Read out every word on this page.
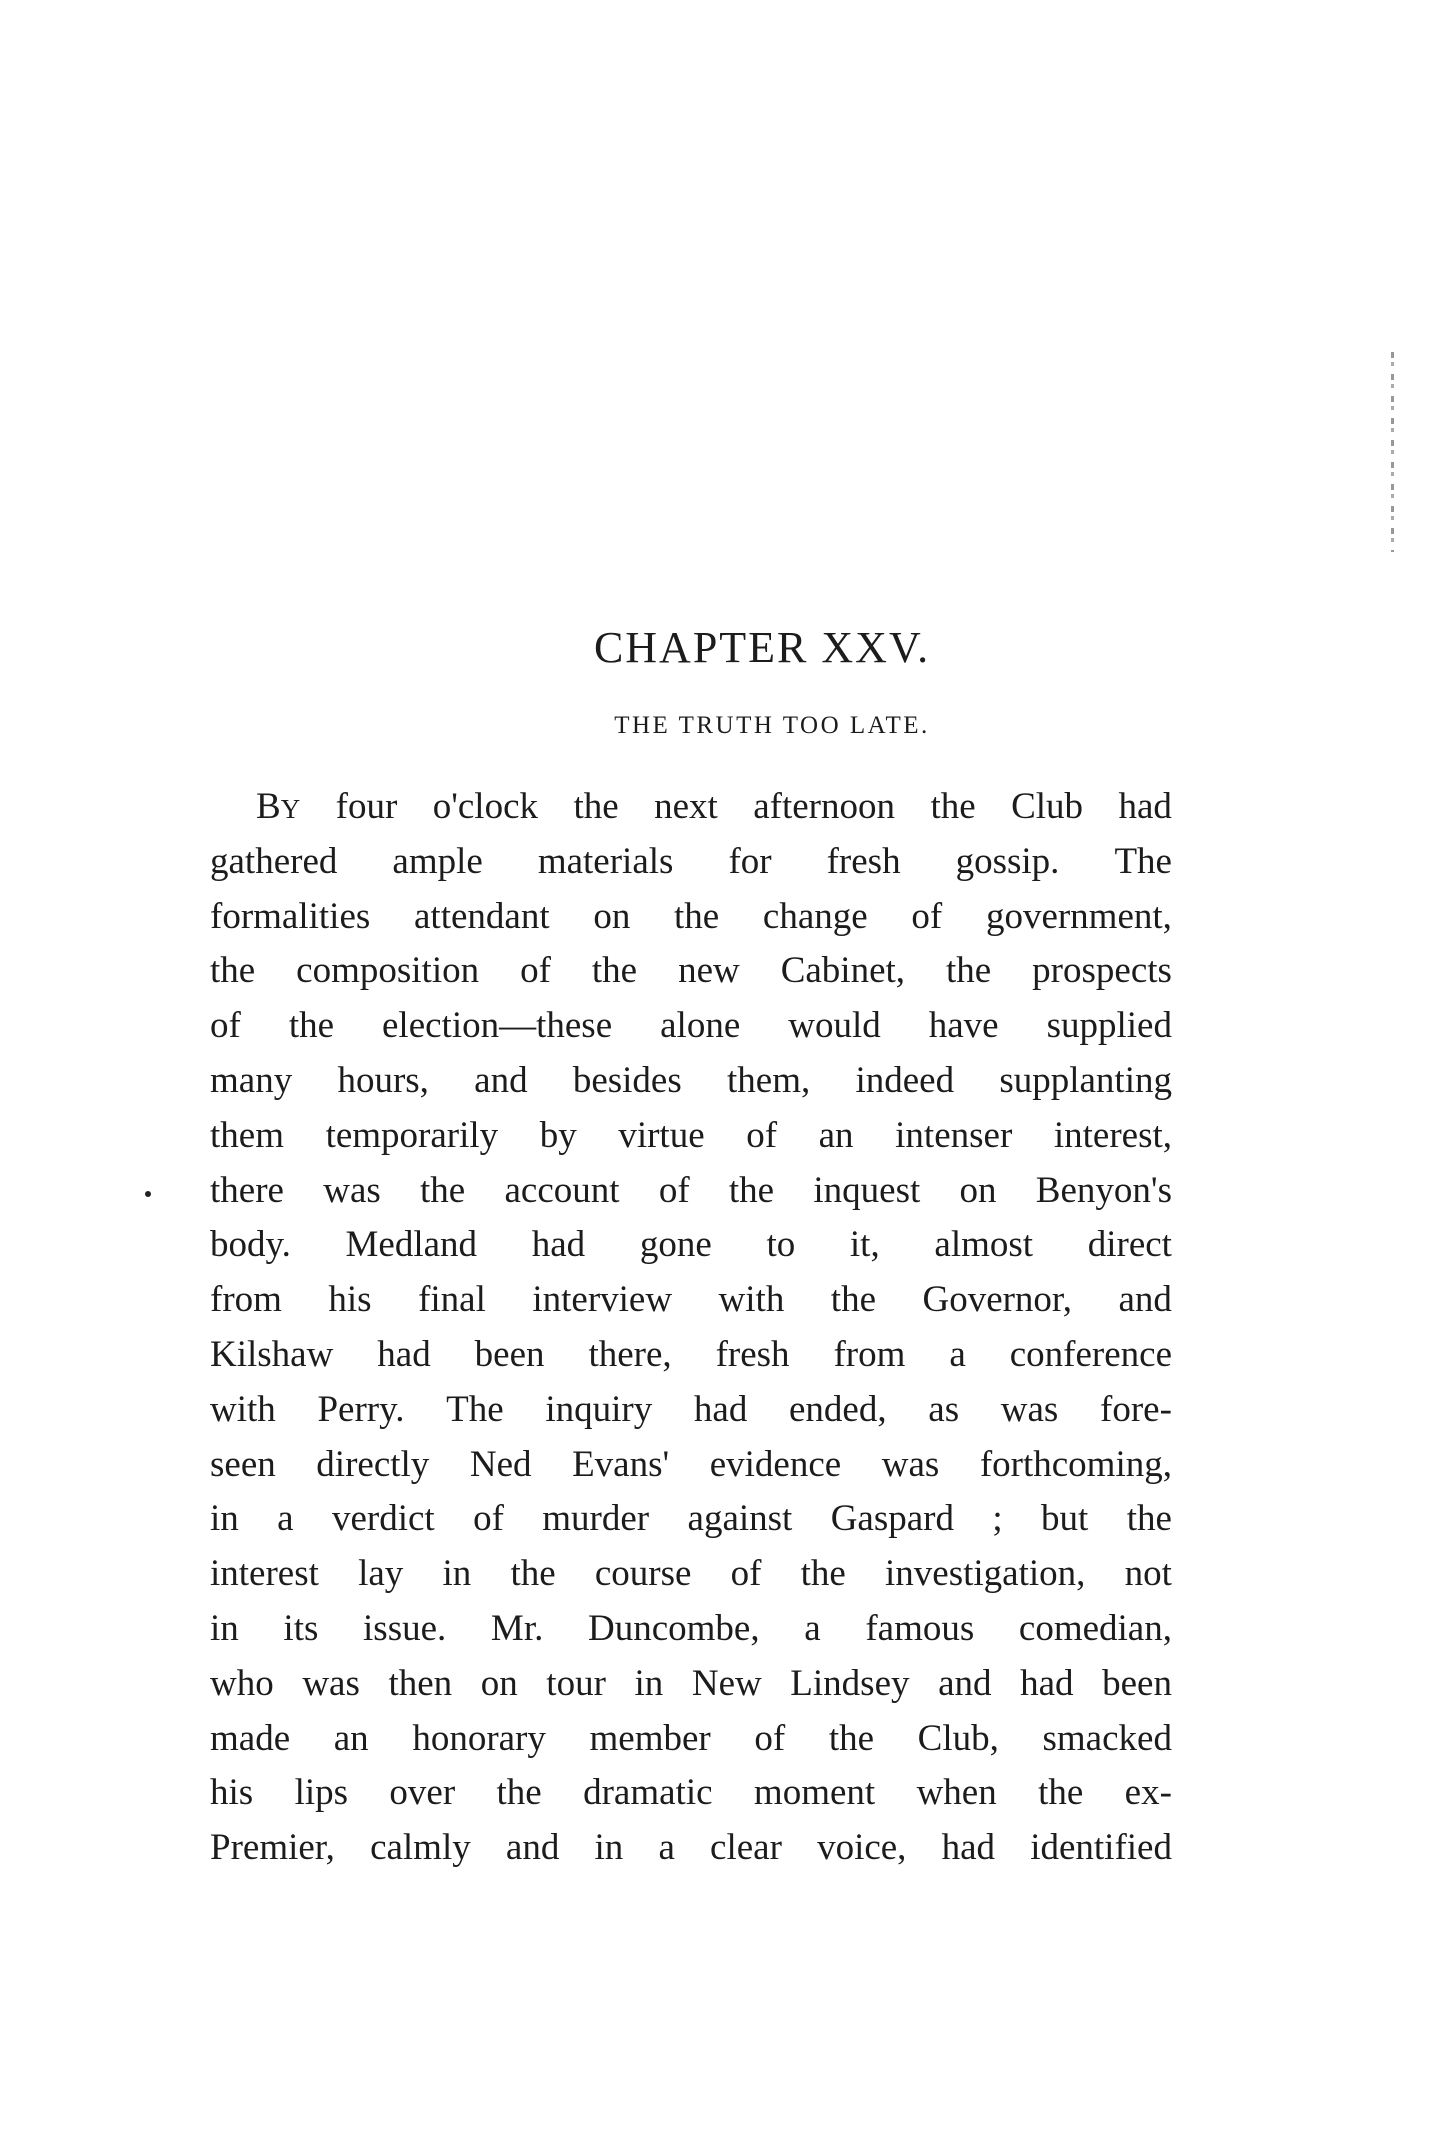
CHAPTER XXV.
THE TRUTH TOO LATE.
BY four o'clock the next afternoon the Club had
gathered ample materials for fresh gossip. The
formalities attendant on the change of government,
the composition of the new Cabinet, the prospects
of the election—these alone would have supplied
many hours, and besides them, indeed supplanting
them temporarily by virtue of an intenser interest,
there was the account of the inquest on Benyon's
body. Medland had gone to it, almost direct
from his final interview with the Governor, and
Kilshaw had been there, fresh from a conference
with Perry. The inquiry had ended, as was fore-
seen directly Ned Evans' evidence was forthcoming,
in a verdict of murder against Gaspard ; but the
interest lay in the course of the investigation, not
in its issue. Mr. Duncombe, a famous comedian,
who was then on tour in New Lindsey and had been
made an honorary member of the Club, smacked
his lips over the dramatic moment when the ex-
Premier, calmly and in a clear voice, had identified
